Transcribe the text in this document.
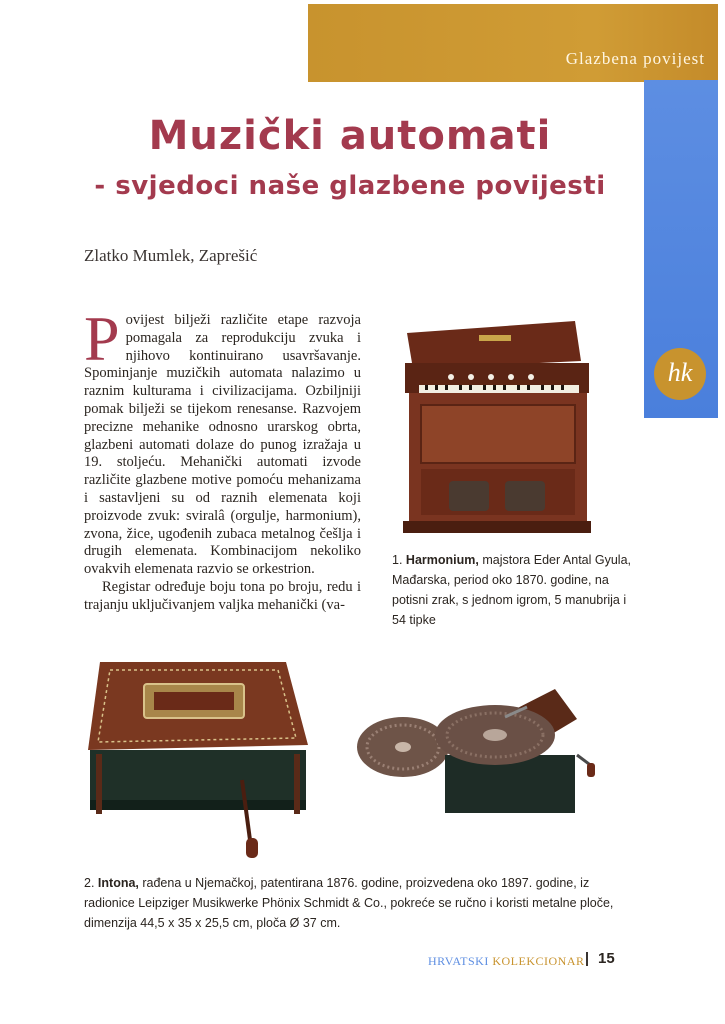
Glazbena povijest
hk
Muzički automati
- svjedoci naše glazbene povijesti
Zlatko Mumlek, Zaprešić

Povijest bilježi različite etape razvoja pomagala za reprodukciju zvuka i njihovo kontinuirano usavršavanje. Spominjanje muzičkih automata nalazimo u raznim kulturama i civilizacijama. Ozbiljniji pomak bilježi se tijekom renesanse. Razvojem precizne mehanike odnosno urarskog obrta, glazbeni automati dolaze do punog izražaja u 19. stoljeću. Mehanički automati izvode različite glazbene motive pomoću mehanizama i sastavljeni su od raznih elemenata koji proizvode zvuk: sviralâ (orgulje, harmonium), zvona, žice, ugođenih zubaca metalnog češlja i drugih elemenata. Kombinacijom nekoliko ovakvih elemenata razvio se orkestrion.

Registar određuje boju tona po broju, redu i trajanju uključivanjem valjka mehanički (va-

1. Harmonium, majstora Eder Antal Gyula, Mađarska, period oko 1870. godine, na potisni zrak, s jednom igrom, 5 manubrija i 54 tipke
2. Intona, rađena u Njemačkoj, patentirana 1876. godine, proizvedena oko 1897. godine, iz radionice Leipziger Musikwerke Phönix Schmidt & Co., pokreće se ručno i koristi metalne ploče, dimenzija 44,5 x 35 x 25,5 cm, ploča Ø 37 cm.
HRVATSKI KOLEKCIONAR 15
